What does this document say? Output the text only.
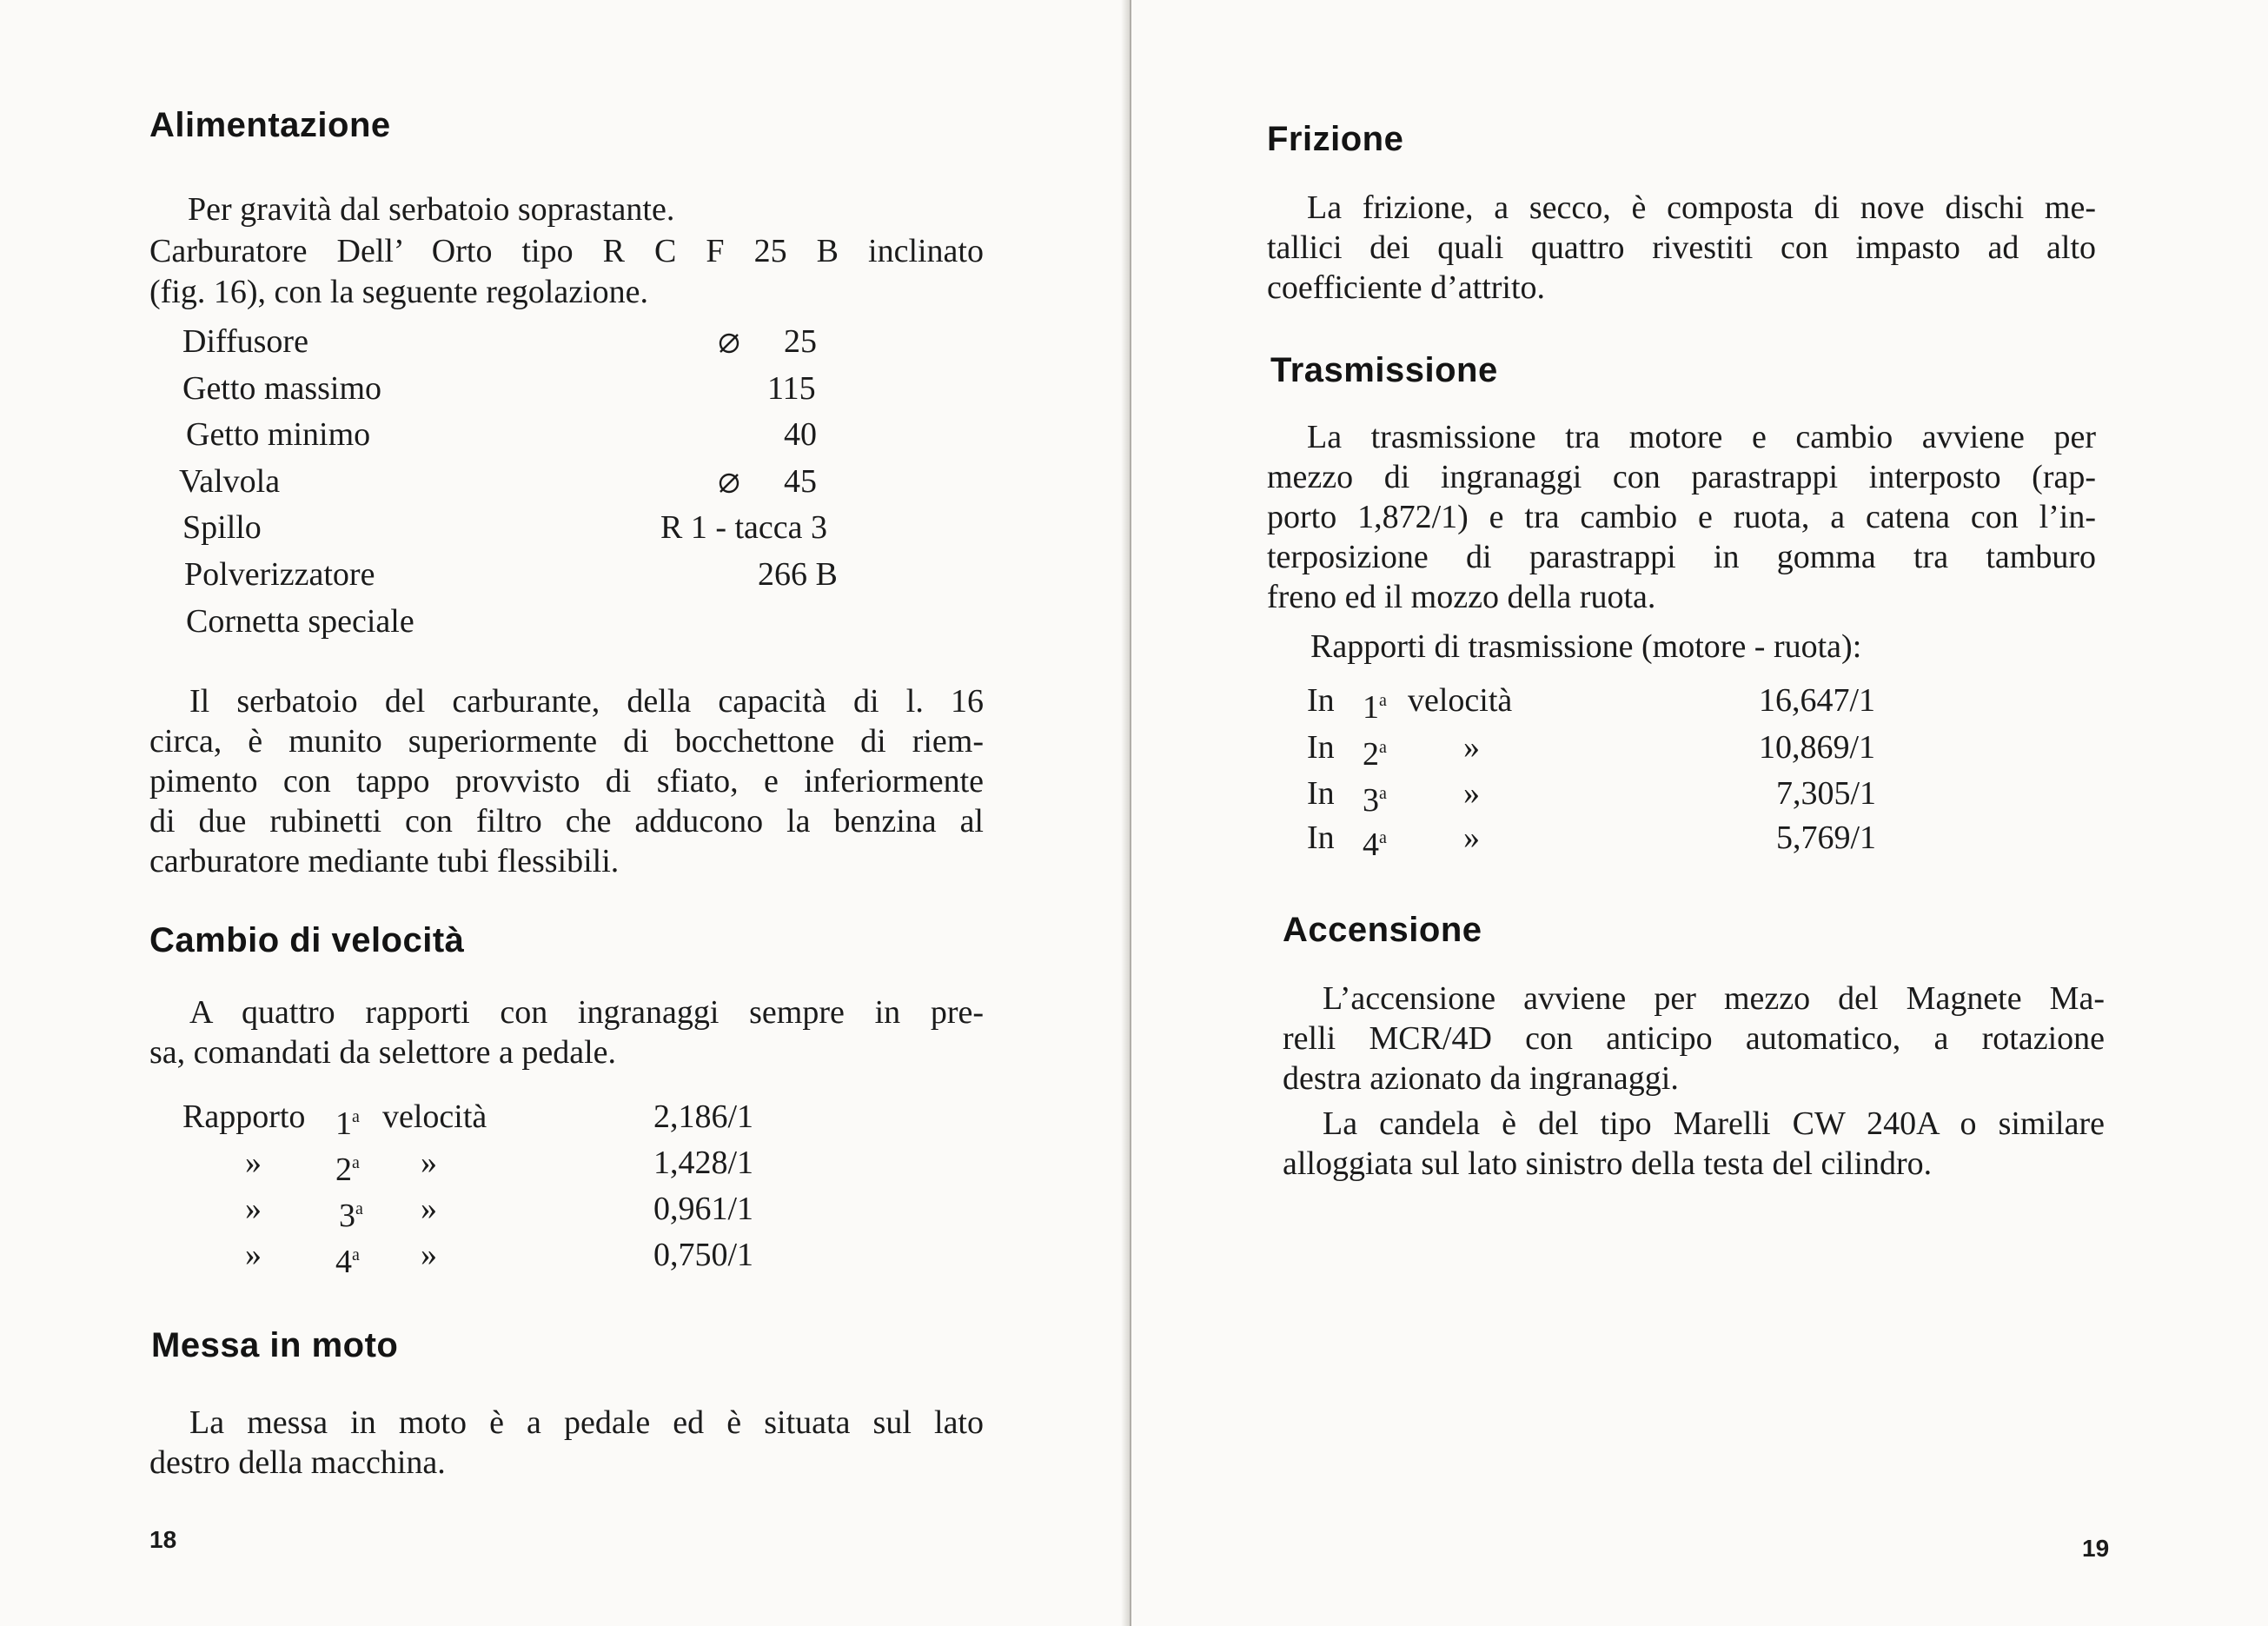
Alimentazione
Per gravità dal serbatoio soprastante.
Carburatore Dell’ Orto tipo R C F 25 B inclinato
(fig. 16), con la seguente regolazione.
Diffusore	25
Getto massimo	115
Getto minimo	40
Valvola	45
Spillo	R 1 - tacca 3
Polverizzatore	266 B
Cornetta speciale
Il serbatoio del carburante, della capacità di l. 16
circa, è munito superiormente di bocchettone di riem-
pimento con tappo provvisto di sfiato, e inferiormente
di due rubinetti con filtro che adducono la benzina al
carburatore mediante tubi flessibili.
Cambio di velocità
A quattro rapporti con ingranaggi sempre in pre-
sa, comandati da selettore a pedale.
Rapporto 1$^a$ velocità	2,186/1
» 2$^a$ »	1,428/1
» 3$^a$ »	0,961/1
» 4$^a$ »	0,750/1
Messa in moto
La messa in moto è a pedale ed è situata sul lato
destro della macchina.
18
Frizione
La frizione, a secco, è composta di nove dischi me-
tallici dei quali quattro rivestiti con impasto ad alto
coefficiente d’attrito.
Trasmissione
La trasmissione tra motore e cambio avviene per
mezzo di ingranaggi con parastrappi interposto (rap-
porto 1,872/1) e tra cambio e ruota, a catena con l’in-
terposizione di parastrappi in gomma tra tamburo
freno ed il mozzo della ruota.
Rapporti di trasmissione (motore - ruota):
In 1$^a$ velocità	16,647/1
In 2$^a$ »	10,869/1
In 3$^a$ »	7,305/1
In 4$^a$ »	5,769/1
Accensione
L’accensione avviene per mezzo del Magnete Ma-
relli MCR/4D con anticipo automatico, a rotazione
destra azionato da ingranaggi.
La candela è del tipo Marelli CW 240A o similare
alloggiata sul lato sinistro della testa del cilindro.
19
